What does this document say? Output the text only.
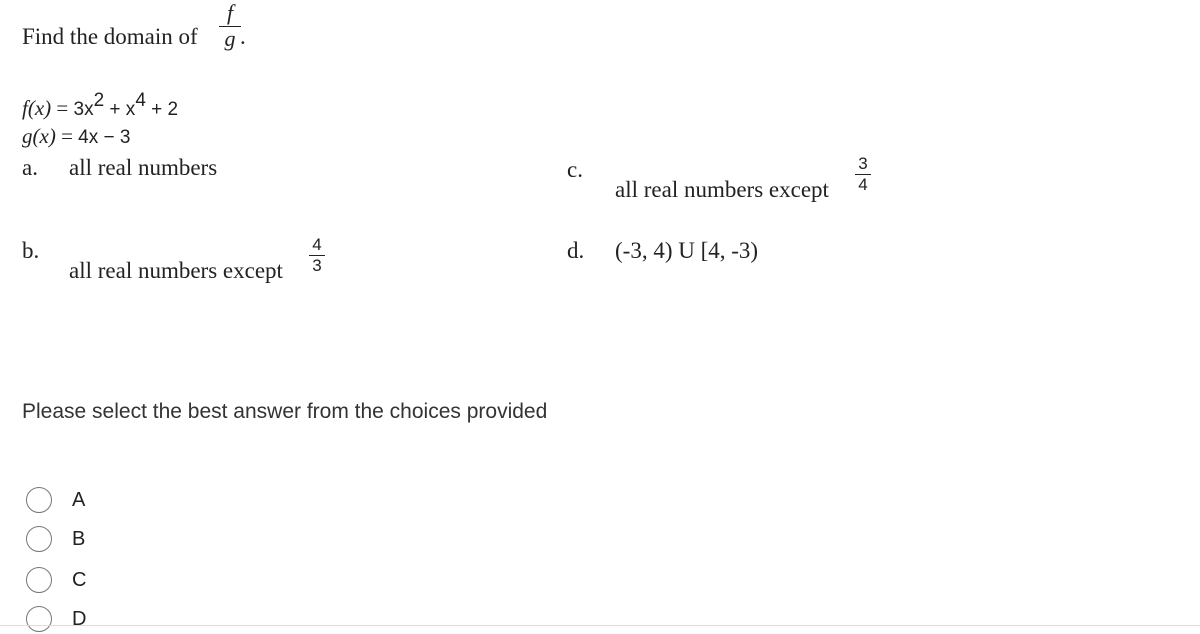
Find the domain of
f
g .
$f(x) = 3x^2 + x^4 + 2$
g(x) = 4x − 3
a. all real numbers	c.
all real numbers except
3
4
b.
all real numbers except
4
3
d. (-3, 4) U [4, -3)
Please select the best answer from the choices provided
A
B
C
D
